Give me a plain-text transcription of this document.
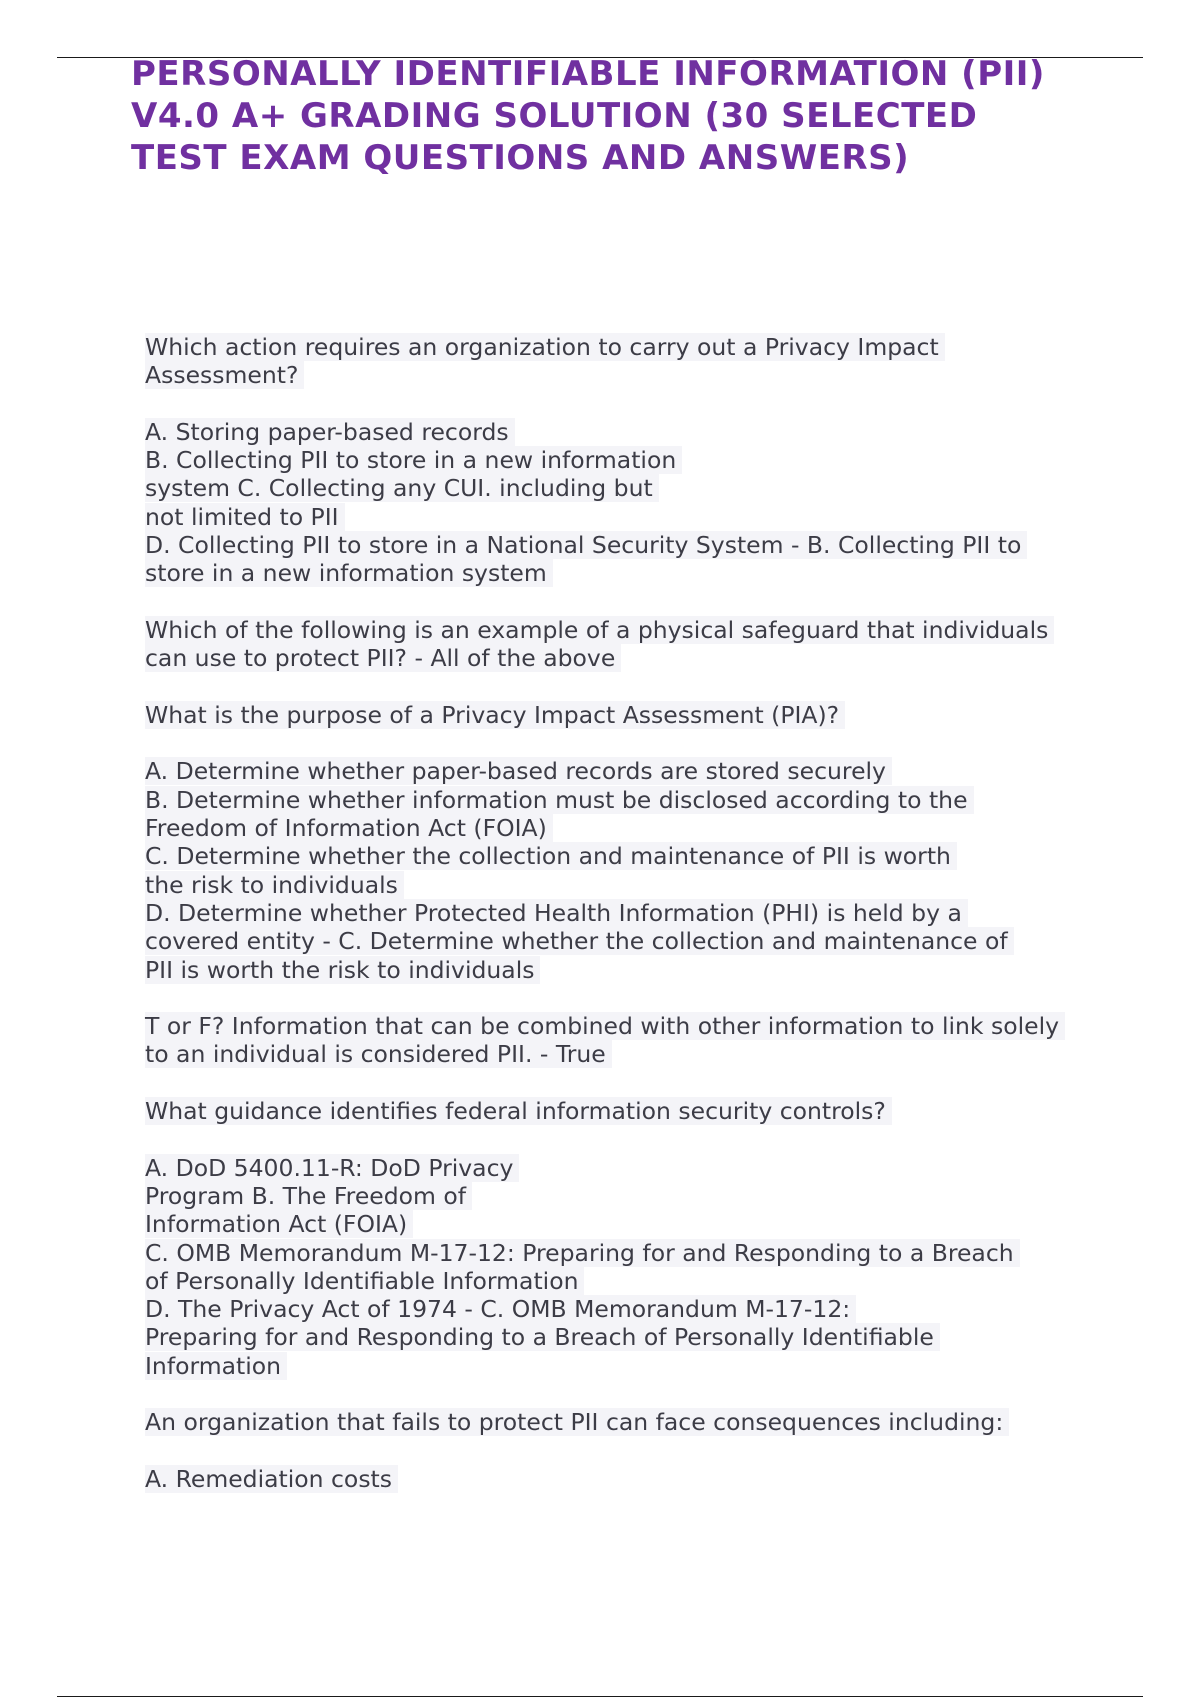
PERSONALLY IDENTIFIABLE INFORMATION (PII)
V4.0 A+ GRADING SOLUTION (30 SELECTED
TEST EXAM QUESTIONS AND ANSWERS)
Which action requires an organization to carry out a Privacy Impact
Assessment?
A. Storing paper-based records
B. Collecting PII to store in a new information
system C. Collecting any CUI. including but
not limited to PII
D. Collecting PII to store in a National Security System - B. Collecting PII to
store in a new information system
Which of the following is an example of a physical safeguard that individuals
can use to protect PII? - All of the above
What is the purpose of a Privacy Impact Assessment (PIA)?
A. Determine whether paper-based records are stored securely
B. Determine whether information must be disclosed according to the
Freedom of Information Act (FOIA)
C. Determine whether the collection and maintenance of PII is worth
the risk to individuals
D. Determine whether Protected Health Information (PHI) is held by a
covered entity - C. Determine whether the collection and maintenance of
PII is worth the risk to individuals
T or F? Information that can be combined with other information to link solely
to an individual is considered PII. - True
What guidance identifies federal information security controls?
A. DoD 5400.11-R: DoD Privacy
Program B. The Freedom of
Information Act (FOIA)
C. OMB Memorandum M-17-12: Preparing for and Responding to a Breach
of Personally Identifiable Information
D. The Privacy Act of 1974 - C. OMB Memorandum M-17-12:
Preparing for and Responding to a Breach of Personally Identifiable
Information
An organization that fails to protect PII can face consequences including:
A. Remediation costs
